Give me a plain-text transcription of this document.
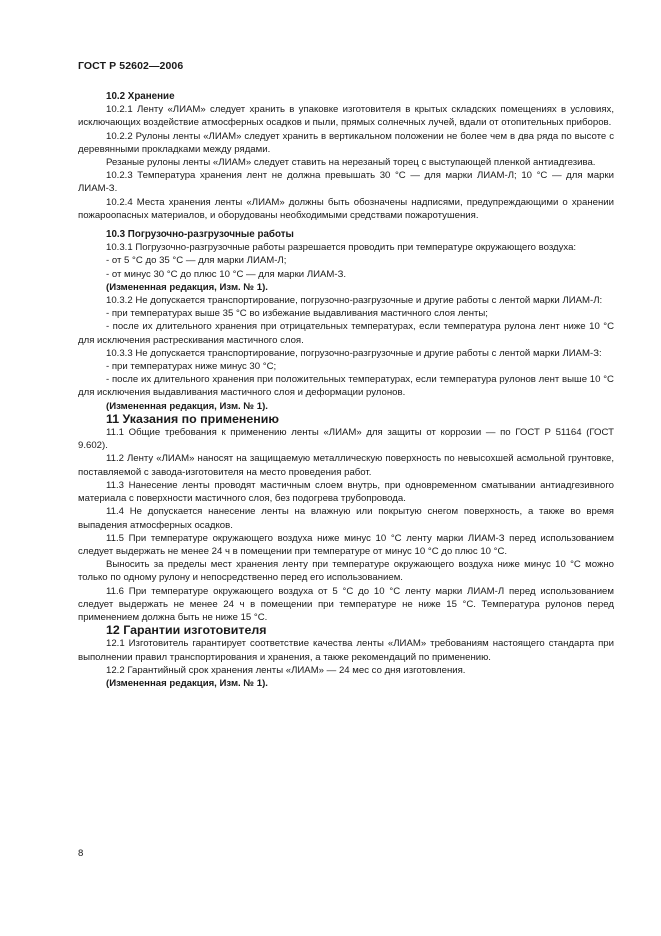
ГОСТ Р 52602—2006

10.2 Хранение

10.2.1 Ленту «ЛИАМ» следует хранить в упаковке изготовителя в крытых складских помещениях в условиях, исключающих воздействие атмосферных осадков и пыли, прямых солнечных лучей, вдали от отопительных приборов.

10.2.2 Рулоны ленты «ЛИАМ» следует хранить в вертикальном положении не более чем в два ряда по высоте с деревянными прокладками между рядами.

Резаные рулоны ленты «ЛИАМ» следует ставить на нерезаный торец с выступающей пленкой антиадгезива.

10.2.3 Температура хранения лент не должна превышать 30 °С — для марки ЛИАМ-Л; 10 °С — для марки ЛИАМ-З.

10.2.4 Места хранения ленты «ЛИАМ» должны быть обозначены надписями, предупреждающими о хранении пожароопасных материалов, и оборудованы необходимыми средствами пожаротушения.

10.3 Погрузочно-разгрузочные работы

10.3.1 Погрузочно-разгрузочные работы разрешается проводить при температуре окружающего воздуха:

- от 5 °С до 35 °С — для марки ЛИАМ-Л;

- от минус 30 °С до плюс 10 °С — для марки ЛИАМ-З.

(Измененная редакция, Изм. № 1).

10.3.2 Не допускается транспортирование, погрузочно-разгрузочные и другие работы с лентой марки ЛИАМ-Л:

- при температурах выше 35 °С во избежание выдавливания мастичного слоя ленты;

- после их длительного хранения при отрицательных температурах, если температура рулона лент ниже 10 °С для исключения растрескивания мастичного слоя.

10.3.3 Не допускается транспортирование, погрузочно-разгрузочные и другие работы с лентой марки ЛИАМ-З:

- при температурах ниже минус 30 °С;

- после их длительного хранения при положительных температурах, если температура рулонов лент выше 10 °С для исключения выдавливания мастичного слоя и деформации рулонов.

(Измененная редакция, Изм. № 1).

11 Указания по применению

11.1 Общие требования к применению ленты «ЛИАМ» для защиты от коррозии — по ГОСТ Р 51164 (ГОСТ 9.602).

11.2 Ленту «ЛИАМ» наносят на защищаемую металлическую поверхность по невысохшей асмольной грунтовке, поставляемой с завода-изготовителя на место проведения работ.

11.3 Нанесение ленты проводят мастичным слоем внутрь, при одновременном сматывании антиадгезивного материала с поверхности мастичного слоя, без подогрева трубопровода.

11.4 Не допускается нанесение ленты на влажную или покрытую снегом поверхность, а также во время выпадения атмосферных осадков.

11.5 При температуре окружающего воздуха ниже минус 10 °С ленту марки ЛИАМ-З перед использованием следует выдержать не менее 24 ч в помещении при температуре от минус 10 °С до плюс 10 °С.

Выносить за пределы мест хранения ленту при температуре окружающего воздуха ниже минус 10 °С можно только по одному рулону и непосредственно перед его использованием.

11.6 При температуре окружающего воздуха от 5 °С до 10 °С ленту марки ЛИАМ-Л перед использованием следует выдержать не менее 24 ч в помещении при температуре не ниже 15 °С. Температура рулонов перед применением должна быть не ниже 15 °С.

12 Гарантии изготовителя

12.1 Изготовитель гарантирует соответствие качества ленты «ЛИАМ» требованиям настоящего стандарта при выполнении правил транспортирования и хранения, а также рекомендаций по применению.

12.2 Гарантийный срок хранения ленты «ЛИАМ» — 24 мес со дня изготовления.

(Измененная редакция, Изм. № 1).

8
